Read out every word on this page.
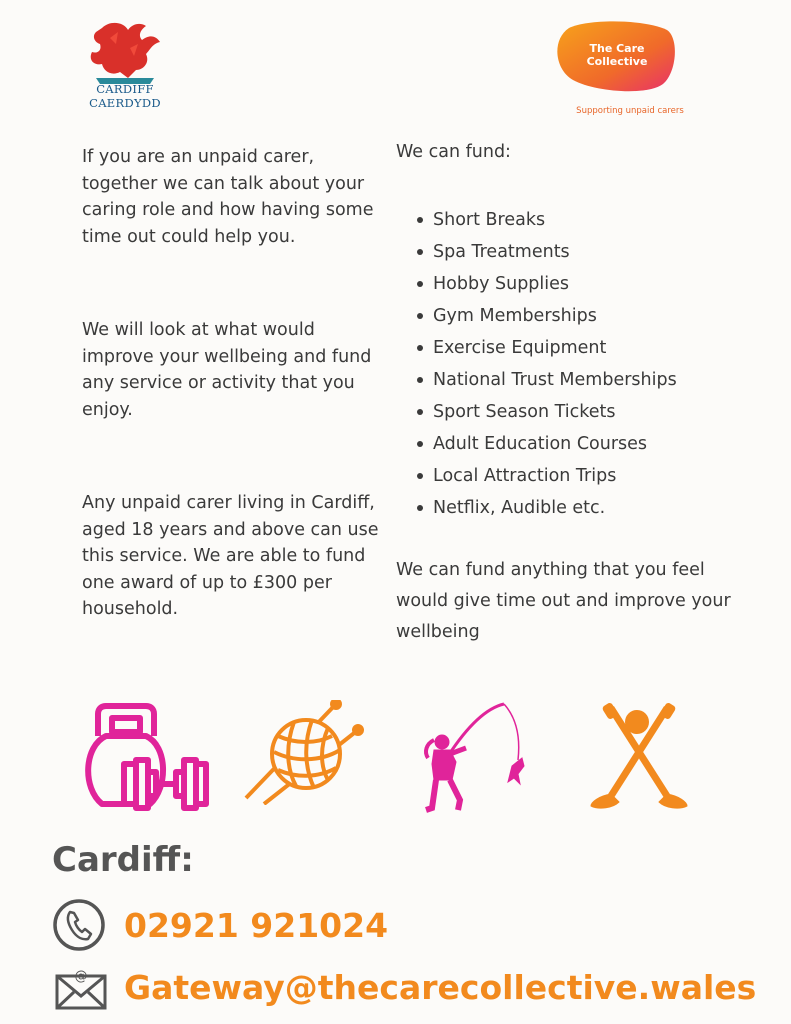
CARDIFF
CAERDYDD
The Care
Collective
Supporting unpaid carers
If you are an unpaid carer, together we can talk about your caring role and how having some time out could help you.
We will look at what would improve your wellbeing and fund any service or activity that you enjoy.
Any unpaid carer living in Cardiff, aged 18 years and above can use this service. We are able to fund one award of up to £300 per household.
We can fund:
Short Breaks
Spa Treatments
Hobby Supplies
Gym Memberships
Exercise Equipment
National Trust Memberships
Sport Season Tickets
Adult Education Courses
Local Attraction Trips
Netflix, Audible etc.
We can fund anything that you feel would give time out and improve your wellbeing
Cardiff:
02921 921024
@ Gateway@thecarecollective.wales
